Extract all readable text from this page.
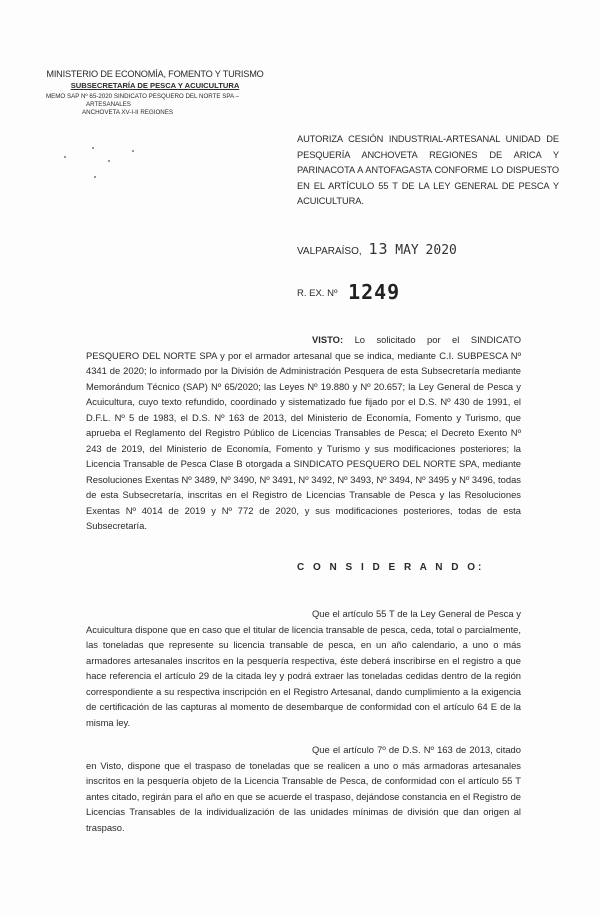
MINISTERIO DE ECONOMÍA, FOMENTO Y TURISMO
SUBSECRETARÍA DE PESCA Y ACUICULTURA
MEMO SAP Nº 65-2020 SINDICATO PESQUERO DEL NORTE SPA –
ARTESANALES
ANCHOVETA XV-I-II REGIONES
AUTORIZA CESIÓN INDUSTRIAL-ARTESANAL UNIDAD DE PESQUERÍA ANCHOVETA REGIONES DE ARICA Y PARINACOTA A ANTOFAGASTA CONFORME LO DISPUESTO EN EL ARTÍCULO 55 T DE LA LEY GENERAL DE PESCA Y ACUICULTURA.
VALPARAÍSO, 13 MAY 2020
R. EX. Nº 1249
VISTO: Lo solicitado por el SINDICATO PESQUERO DEL NORTE SPA y por el armador artesanal que se indica, mediante C.I. SUBPESCA Nº 4341 de 2020; lo informado por la División de Administración Pesquera de esta Subsecretaría mediante Memorándum Técnico (SAP) Nº 65/2020; las Leyes Nº 19.880 y Nº 20.657; la Ley General de Pesca y Acuicultura, cuyo texto refundido, coordinado y sistematizado fue fijado por el D.S. Nº 430 de 1991, el D.F.L. Nº 5 de 1983, el D.S. Nº 163 de 2013, del Ministerio de Economía, Fomento y Turismo, que aprueba el Reglamento del Registro Público de Licencias Transables de Pesca; el Decreto Exento Nº 243 de 2019, del Ministerio de Economía, Fomento y Turismo y sus modificaciones posteriores; la Licencia Transable de Pesca Clase B otorgada a SINDICATO PESQUERO DEL NORTE SPA, mediante Resoluciones Exentas Nº 3489, Nº 3490, Nº 3491, Nº 3492, Nº 3493, Nº 3494, Nº 3495 y Nº 3496, todas de esta Subsecretaría, inscritas en el Registro de Licencias Transable de Pesca y las Resoluciones Exentas Nº 4014 de 2019 y Nº 772 de 2020, y sus modificaciones posteriores, todas de esta Subsecretaría.
C O N S I D E R A N D O:
Que el artículo 55 T de la Ley General de Pesca y Acuicultura dispone que en caso que el titular de licencia transable de pesca, ceda, total o parcialmente, las toneladas que represente su licencia transable de pesca, en un año calendario, a uno o más armadores artesanales inscritos en la pesquería respectiva, éste deberá inscribirse en el registro a que hace referencia el artículo 29 de la citada ley y podrá extraer las toneladas cedidas dentro de la región correspondiente a su respectiva inscripción en el Registro Artesanal, dando cumplimiento a la exigencia de certificación de las capturas al momento de desembarque de conformidad con el artículo 64 E de la misma ley.
Que el artículo 7º de D.S. Nº 163 de 2013, citado en Visto, dispone que el traspaso de toneladas que se realicen a uno o más armadoras artesanales inscritos en la pesquería objeto de la Licencia Transable de Pesca, de conformidad con el artículo 55 T antes citado, regirán para el año en que se acuerde el traspaso, dejándose constancia en el Registro de Licencias Transables de la individualización de las unidades mínimas de división que dan origen al traspaso.
